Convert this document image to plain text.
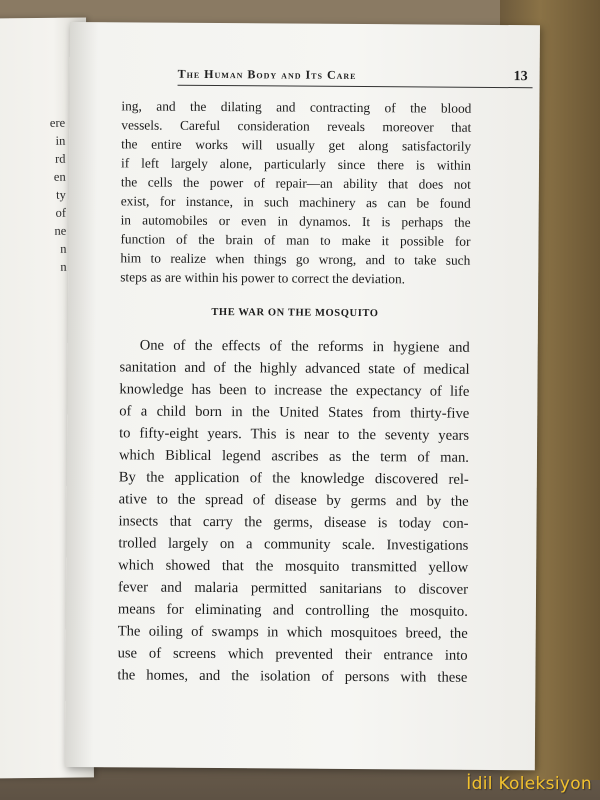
ere
in
rd
en
ty
of
ne
n
n
The Human Body and Its Care	13
ing, and the dilating and contracting of the blood
vessels. Careful consideration reveals moreover that
the entire works will usually get along satisfactorily
if left largely alone, particularly since there is within
the cells the power of repair—an ability that does not
exist, for instance, in such machinery as can be found
in automobiles or even in dynamos. It is perhaps the
function of the brain of man to make it possible for
him to realize when things go wrong, and to take such
steps as are within his power to correct the deviation.
THE WAR ON THE MOSQUITO
One of the effects of the reforms in hygiene and
sanitation and of the highly advanced state of medical
knowledge has been to increase the expectancy of life
of a child born in the United States from thirty-five
to fifty-eight years. This is near to the seventy years
which Biblical legend ascribes as the term of man.
By the application of the knowledge discovered rel-
ative to the spread of disease by germs and by the
insects that carry the germs, disease is today con-
trolled largely on a community scale. Investigations
which showed that the mosquito transmitted yellow
fever and malaria permitted sanitarians to discover
means for eliminating and controlling the mosquito.
The oiling of swamps in which mosquitoes breed, the
use of screens which prevented their entrance into
the homes, and the isolation of persons with these
İdil Koleksiyon
